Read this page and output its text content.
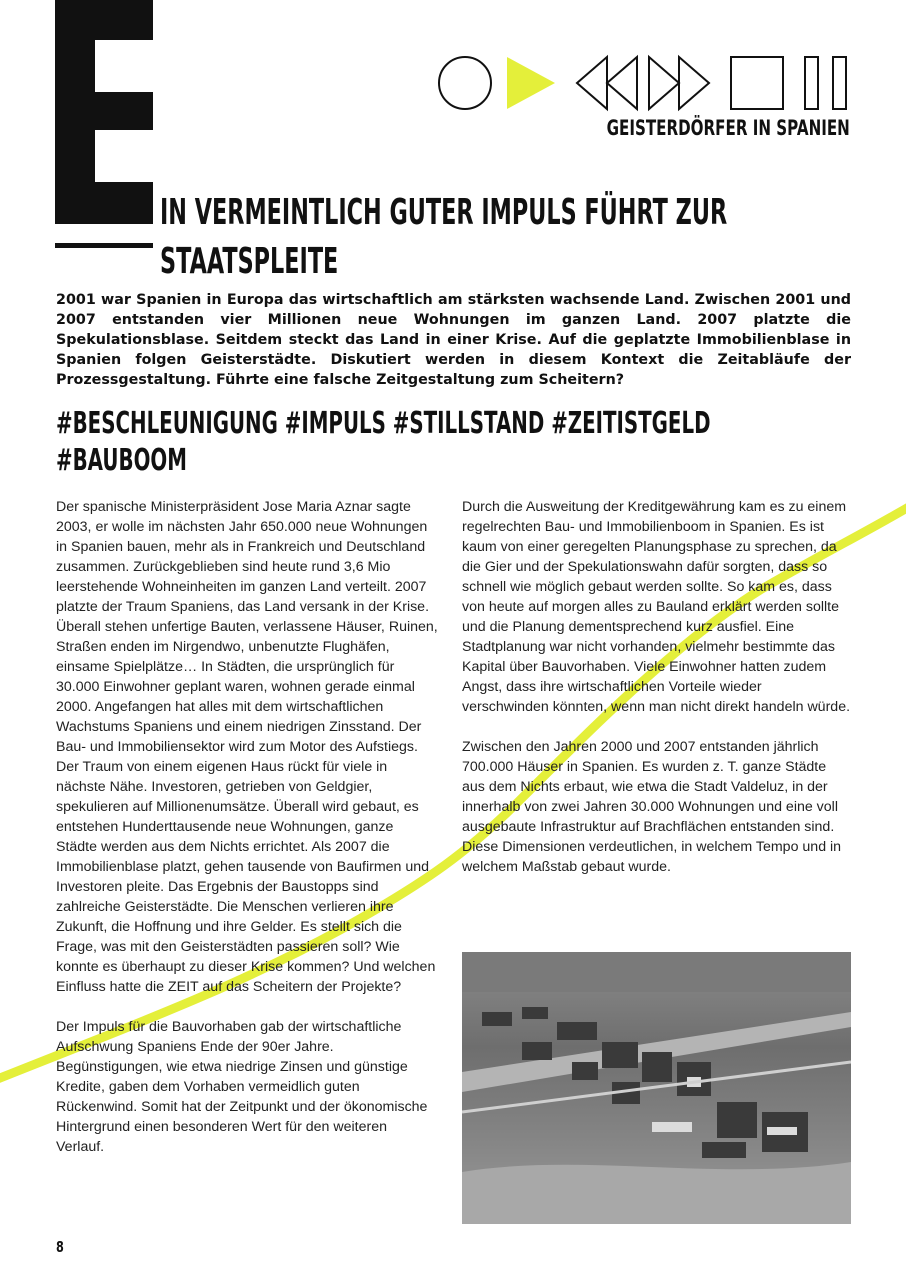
GEISTERDÖRFER IN SPANIEN
IN VERMEINTLICH GUTER IMPULS FÜHRT ZUR
STAATSPLEITE
2001 war Spanien in Europa das wirtschaftlich am stärksten wachsende Land. Zwischen 2001 und 2007 entstanden vier Millionen neue Wohnungen im ganzen Land. 2007 platzte die Spekulationsblase. Seitdem steckt das Land in einer Krise. Auf die geplatzte Immobilienblase in Spanien folgen Geisterstädte. Diskutiert werden in diesem Kontext die Zeitabläufe der Prozessgestaltung. Führte eine falsche Zeitgestaltung zum Scheitern?
#BESCHLEUNIGUNG #IMPULS #STILLSTAND #ZEITISTGELD
#BAUBOOM

Der spanische Ministerpräsident Jose Maria Aznar sagte 2003, er wolle im nächsten Jahr 650.000 neue Wohnungen in Spanien bauen, mehr als in Frankreich und Deutschland zusammen. Zurückgeblieben sind heute rund 3,6 Mio leerstehende Wohneinheiten im ganzen Land verteilt. 2007 platzte der Traum Spaniens, das Land versank in der Krise. Überall stehen unfertige Bauten, verlassene Häuser, Ruinen, Straßen enden im Nirgendwo, unbenutzte Flughäfen, einsame Spielplätze… In Städten, die ursprünglich für 30.000 Einwohner geplant waren, wohnen gerade einmal 2000. Angefangen hat alles mit dem wirtschaftlichen Wachstums Spaniens und einem niedrigen Zinsstand. Der Bau- und Immobiliensektor wird zum Motor des Aufstiegs. Der Traum von einem eigenen Haus rückt für viele in nächste Nähe. Investoren, getrieben von Geldgier, spekulieren auf Millionenumsätze. Überall wird gebaut, es entstehen Hunderttausende neue Wohnungen, ganze Städte werden aus dem Nichts errichtet. Als 2007 die Immobilienblase platzt, gehen tausende von Baufirmen und Investoren pleite. Das Ergebnis der Baustopps sind zahlreiche Geisterstädte. Die Menschen verlieren ihre Zukunft, die Hoffnung und ihre Gelder. Es stellt sich die Frage, was mit den Geisterstädten passieren soll? Wie konnte es überhaupt zu dieser Krise kommen? Und welchen Einfluss hatte die ZEIT auf das Scheitern der Projekte?

Der Impuls für die Bauvorhaben gab der wirtschaftliche Aufschwung Spaniens Ende der 90er Jahre. Begünstigungen, wie etwa niedrige Zinsen und günstige Kredite, gaben dem Vorhaben vermeidlich guten Rückenwind. Somit hat der Zeitpunkt und der ökonomische Hintergrund einen besonderen Wert für den weiteren Verlauf.

Durch die Ausweitung der Kreditgewährung kam es zu einem regelrechten Bau- und Immobilienboom in Spanien. Es ist kaum von einer geregelten Planungsphase zu sprechen, da die Gier und der Spekulationswahn dafür sorgten, dass so schnell wie möglich gebaut werden sollte. So kam es, dass von heute auf morgen alles zu Bauland erklärt werden sollte und die Planung dementsprechend kurz ausfiel. Eine Stadtplanung war nicht vorhanden, vielmehr bestimmte das Kapital über Bauvorhaben. Viele Einwohner hatten zudem Angst, dass ihre wirtschaftlichen Vorteile wieder verschwinden könnten, wenn man nicht direkt handeln würde.

Zwischen den Jahren 2000 und 2007 entstanden jährlich 700.000 Häuser in Spanien. Es wurden z. T. ganze Städte aus dem Nichts erbaut, wie etwa die Stadt Valdeluz, in der innerhalb von zwei Jahren 30.000 Wohnungen und eine voll ausgebaute Infrastruktur auf Brachflächen entstanden sind. Diese Dimensionen verdeutlichen, in welchem Tempo und in welchem Maßstab gebaut wurde.

8
